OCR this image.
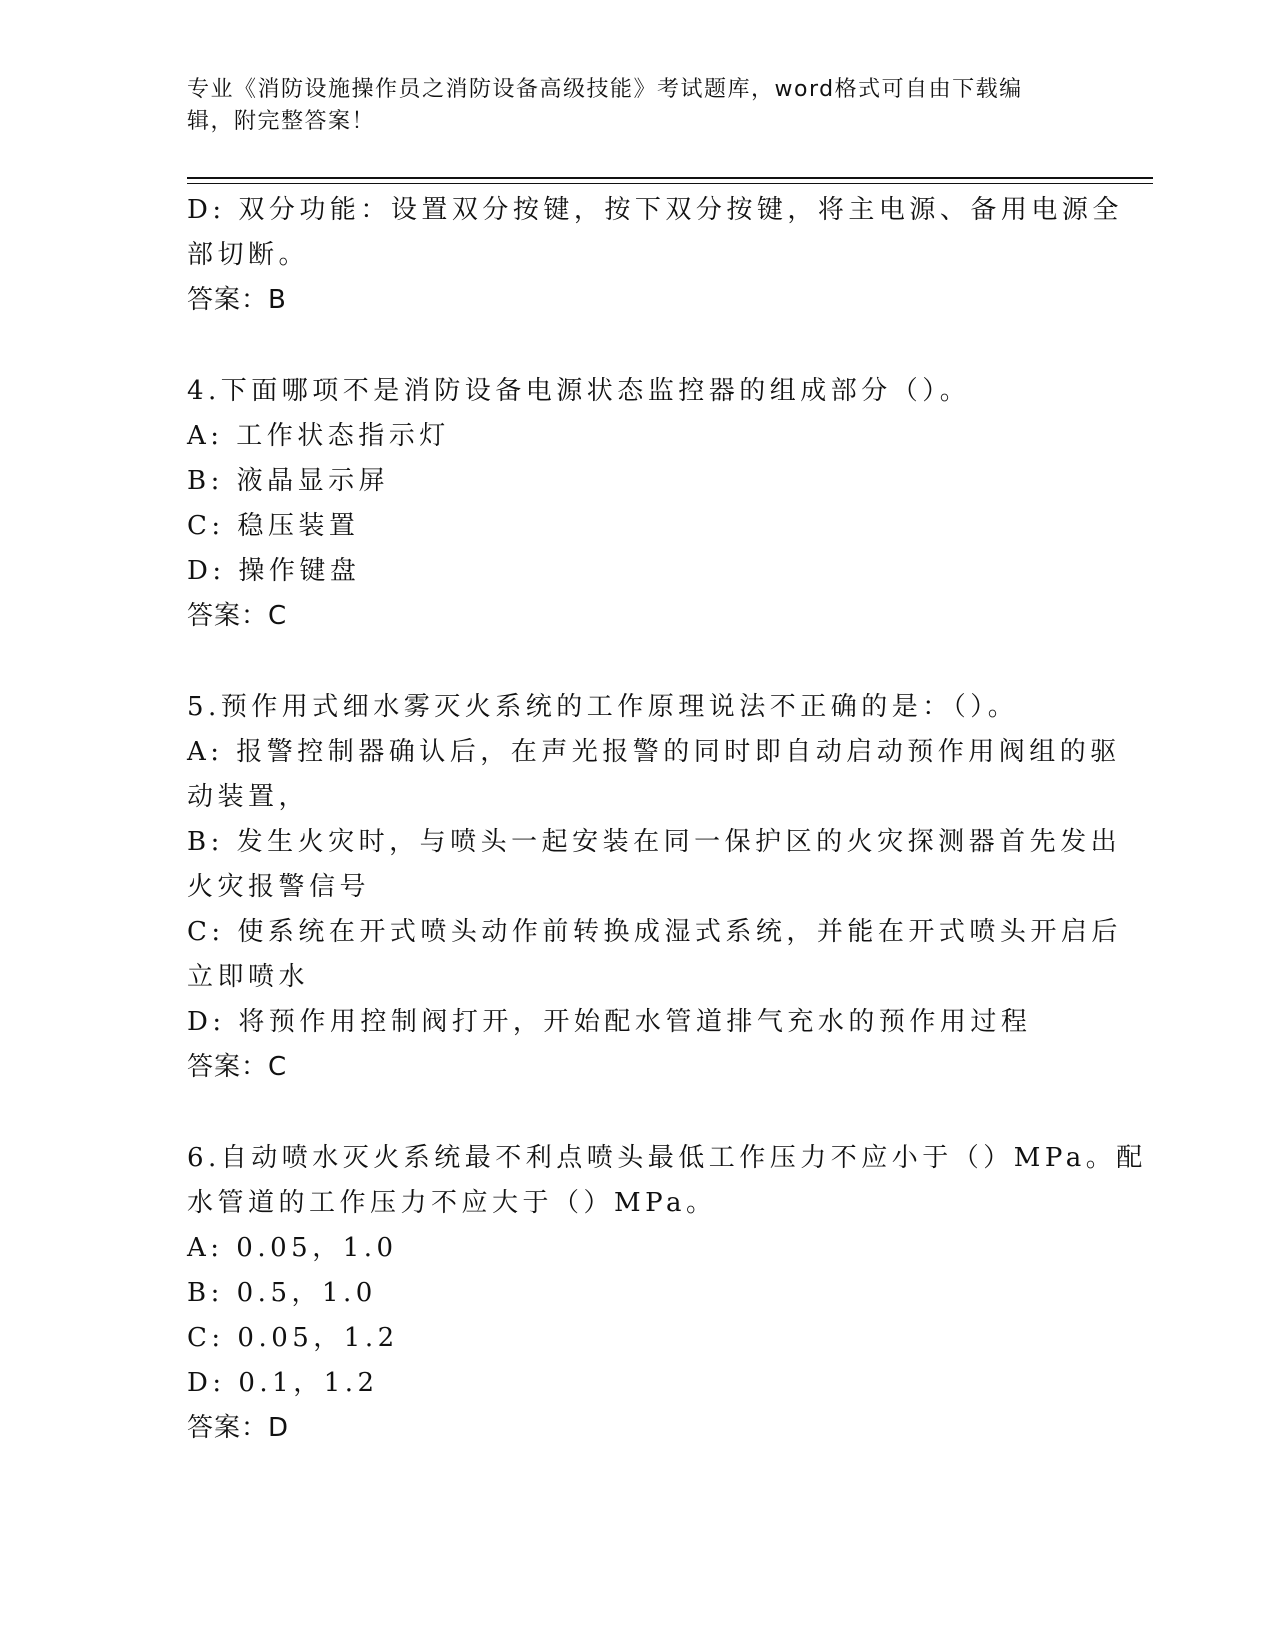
专业《消防设施操作员之消防设备高级技能》考试题库，word格式可自由下载编
辑，附完整答案！
D: 双分功能：设置双分按键，按下双分按键，将主电源、备用电源全
部切断。
答案：B
4.下面哪项不是消防设备电源状态监控器的组成部分（）。
A: 工作状态指示灯
B: 液晶显示屏
C: 稳压装置
D: 操作键盘
答案：C
5.预作用式细水雾灭火系统的工作原理说法不正确的是：（）。
A: 报警控制器确认后，在声光报警的同时即自动启动预作用阀组的驱
动装置，
B: 发生火灾时，与喷头一起安装在同一保护区的火灾探测器首先发出
火灾报警信号
C: 使系统在开式喷头动作前转换成湿式系统，并能在开式喷头开启后
立即喷水
D: 将预作用控制阀打开，开始配水管道排气充水的预作用过程
答案：C
6.自动喷水灭火系统最不利点喷头最低工作压力不应小于（）MPa。配
水管道的工作压力不应大于（）MPa。
A: 0.05，1.0
B: 0.5，1.0
C: 0.05，1.2
D: 0.1，1.2
答案：D
